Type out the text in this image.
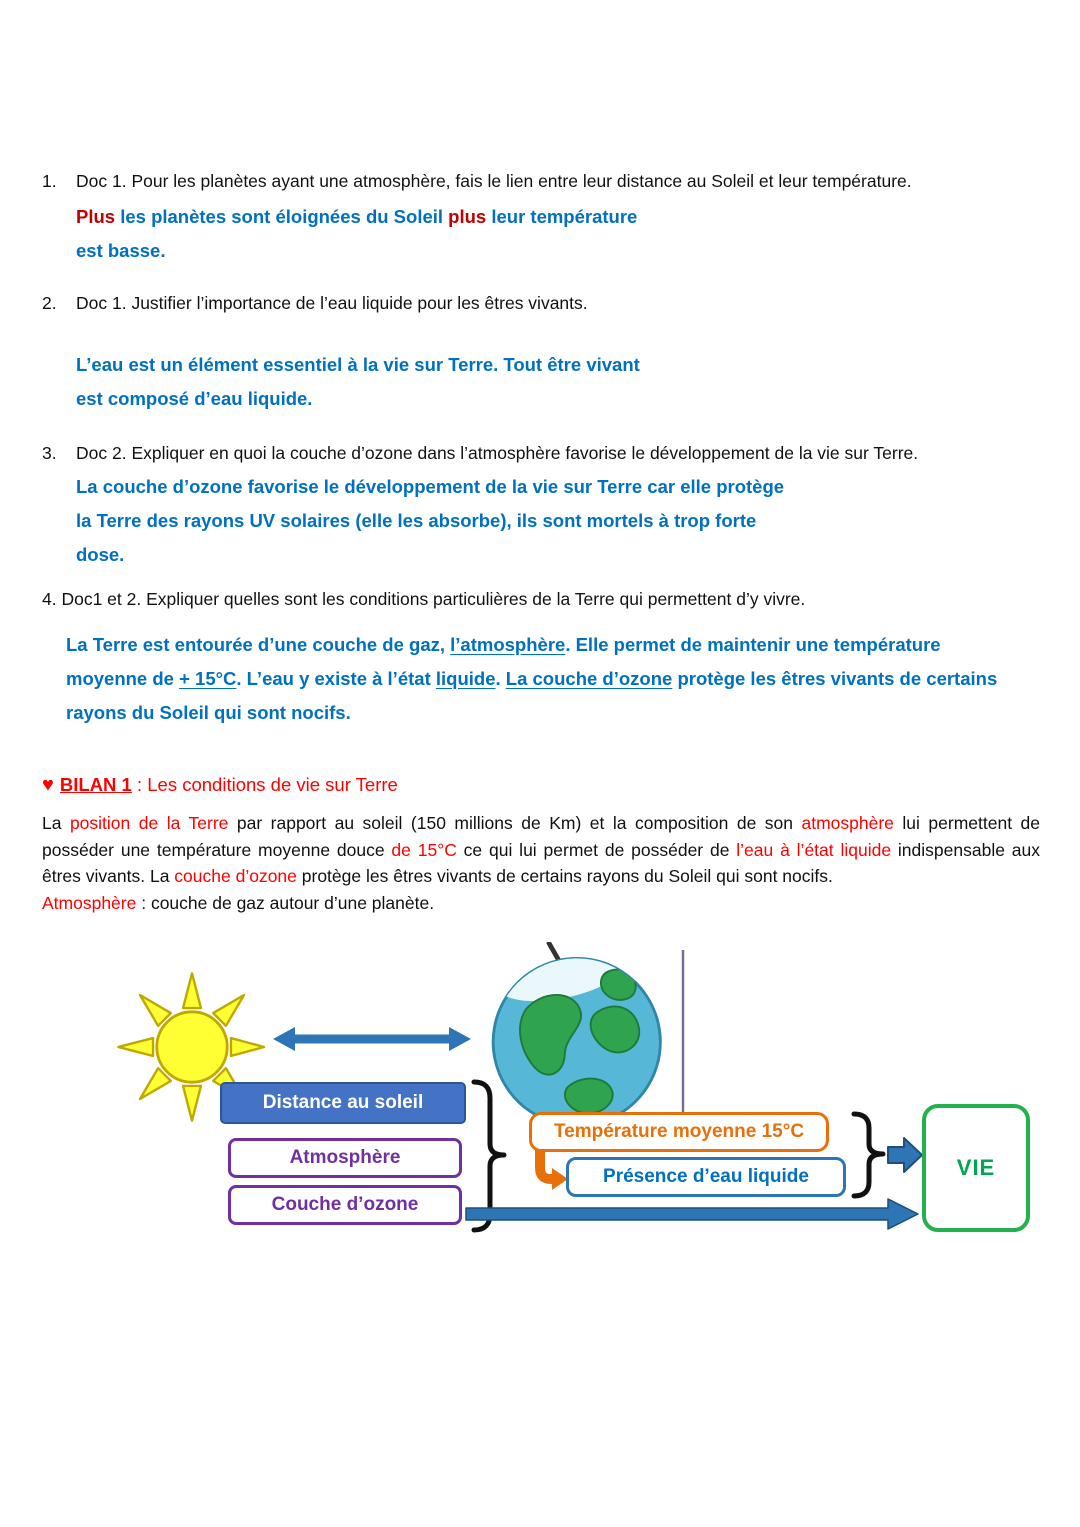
1.	Doc 1. Pour les planètes ayant une atmosphère, fais le lien entre leur distance au Soleil et leur température.
Plus les planètes sont éloignées du Soleil plus leur température
est basse.
2.	Doc 1. Justifier l’importance de l’eau liquide pour les êtres vivants.
L’eau est un élément essentiel à la vie sur Terre. Tout être vivant
est composé d’eau liquide.
3.	Doc 2. Expliquer en quoi la couche d’ozone dans l’atmosphère favorise le développement de la vie sur Terre.
La couche d’ozone favorise le développement de la vie sur Terre car elle protège
la Terre des rayons UV solaires (elle les absorbe), ils sont mortels à trop forte
dose.
4. Doc1 et 2. Expliquer quelles sont les conditions particulières de la Terre qui permettent d’y vivre.
La Terre est entourée d’une couche de gaz, l’atmosphère. Elle permet de maintenir une température moyenne de + 15°C. L’eau y existe à l’état liquide. La couche d’ozone protège les êtres vivants de certains rayons du Soleil qui sont nocifs.
♥ BILAN 1 : Les conditions de vie sur Terre
La position de la Terre par rapport au soleil (150 millions de Km) et la composition de son atmosphère lui permettent de posséder une température moyenne douce de 15°C ce qui lui permet de posséder de l’eau à l’état liquide indispensable aux êtres vivants. La couche d’ozone protège les êtres vivants de certains rayons du Soleil qui sont nocifs.
Atmosphère : couche de gaz autour d’une planète.
Distance au soleil
Atmosphère
Couche d’ozone
Température moyenne 15°C
Présence d’eau liquide	VIE
